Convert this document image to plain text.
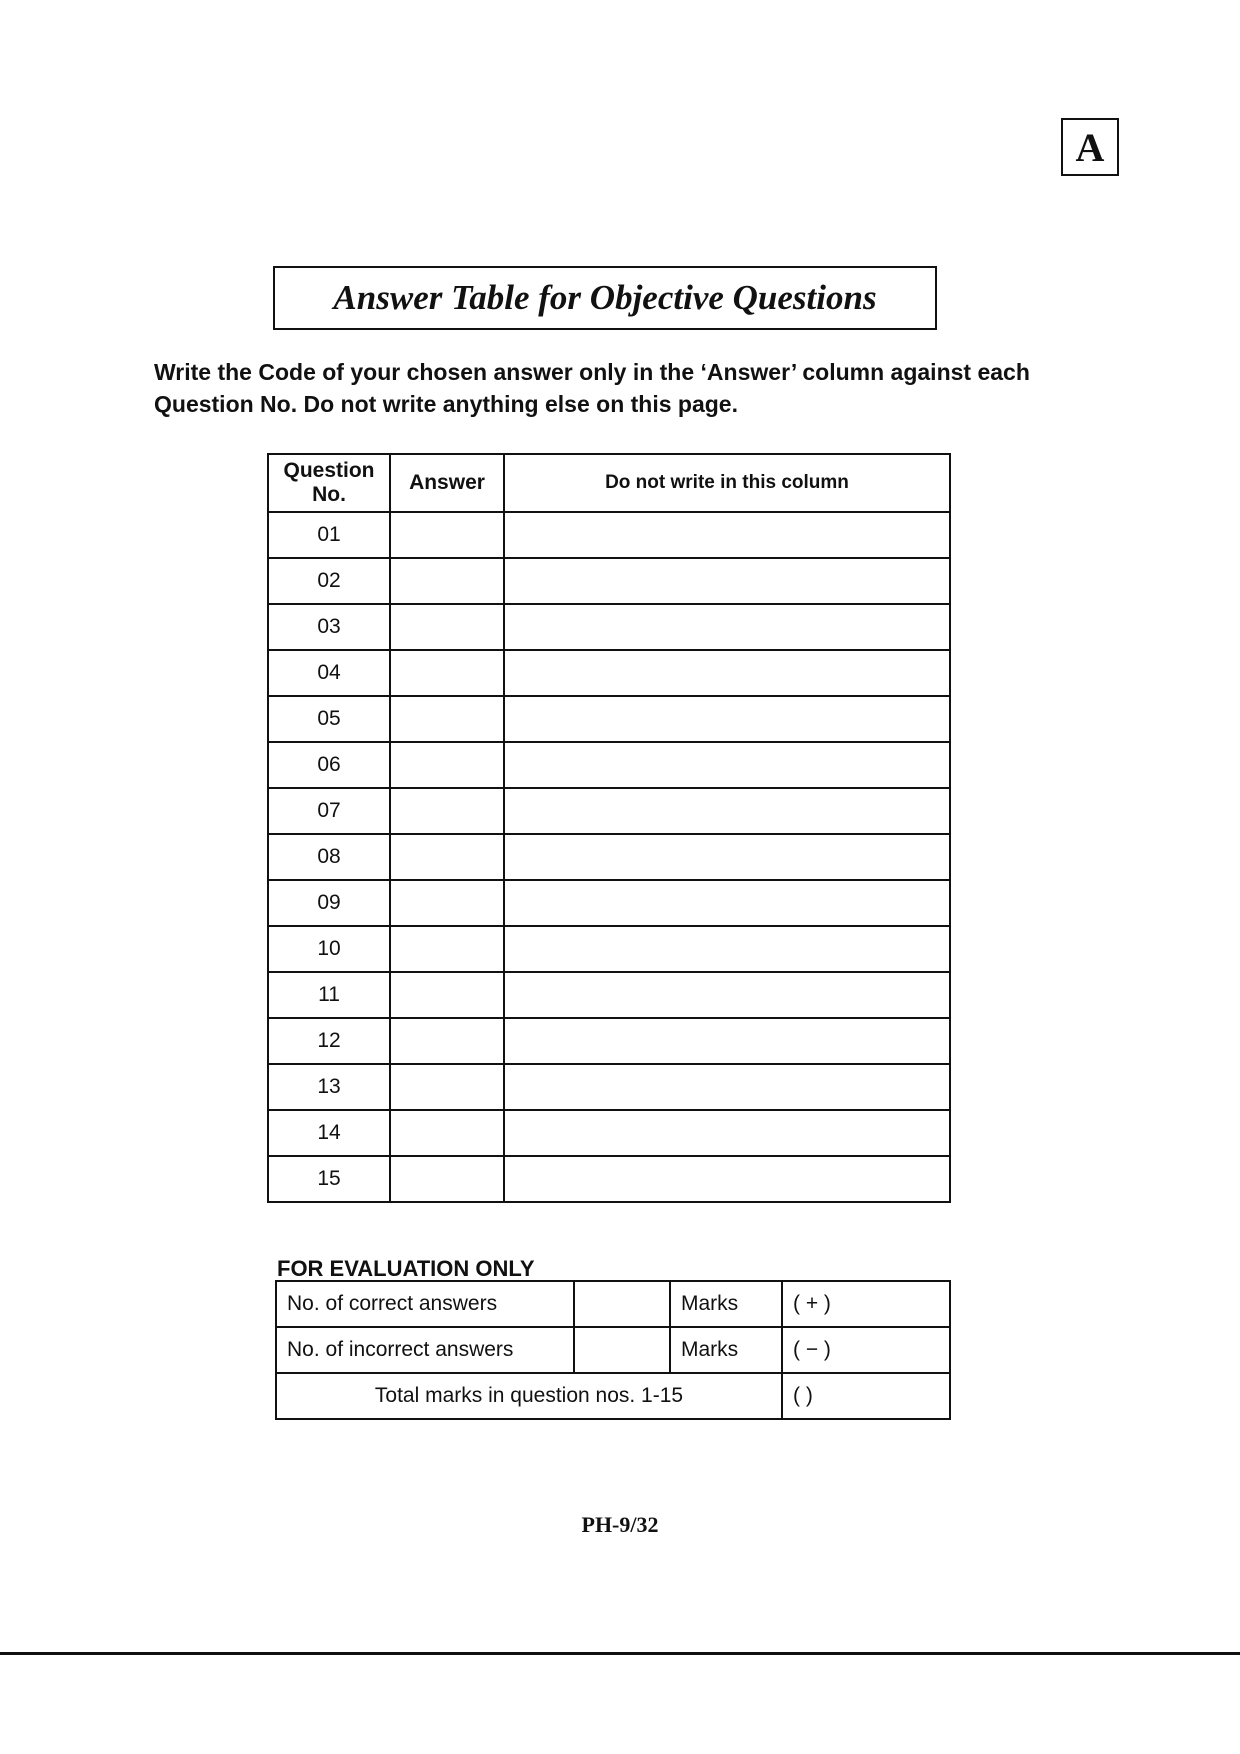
A
Answer Table for Objective Questions
Write the Code of your chosen answer only in the ‘Answer’ column against each Question No. Do not write anything else on this page.
Question No.	Answer	Do not write in this column
01		
02		
03		
04		
05		
06		
07		
08		
09		
10		
11		
12		
13		
14		
15		
FOR EVALUATION ONLY
No. of correct answers		Marks	( + )
No. of incorrect answers		Marks	( − )
Total marks in question nos. 1-15			( )
PH-9/32
